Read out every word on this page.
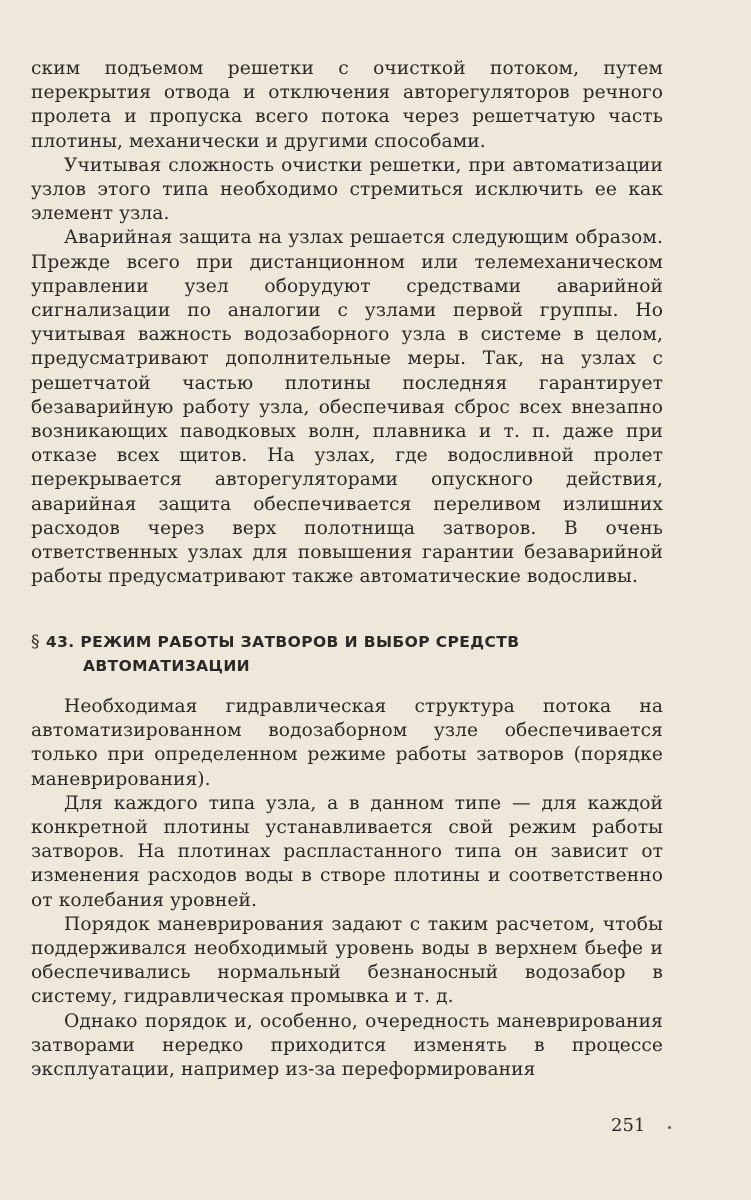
ским подъемом решетки с очисткой потоком, путем перекрытия отвода и отключения авторегуляторов речного пролета и пропуска всего потока через решетчатую часть плотины, механически и другими способами.

Учитывая сложность очистки решетки, при автоматизации узлов этого типа необходимо стремиться исключить ее как элемент узла.

Аварийная защита на узлах решается следующим образом. Прежде всего при дистанционном или телемеханическом управлении узел оборудуют средствами аварийной сигнализации по аналогии с узлами первой группы. Но учитывая важность водозаборного узла в системе в целом, предусматривают дополнительные меры. Так, на узлах с решетчатой частью плотины последняя гарантирует безаварийную работу узла, обеспечивая сброс всех внезапно возникающих паводковых волн, плавника и т. п. даже при отказе всех щитов. На узлах, где водосливной пролет перекрывается авторегуляторами опускного действия, аварийная защита обеспечивается переливом излишних расходов через верх полотнища затворов. В очень ответственных узлах для повышения гарантии безаварийной работы предусматривают также автоматические водосливы.

§ 43. РЕЖИМ РАБОТЫ ЗАТВОРОВ И ВЫБОР СРЕДСТВ
АВТОМАТИЗАЦИИ

Необходимая гидравлическая структура потока на автоматизированном водозаборном узле обеспечивается только при определенном режиме работы затворов (порядке маневрирования).

Для каждого типа узла, а в данном типе — для каждой конкретной плотины устанавливается свой режим работы затворов. На плотинах распластанного типа он зависит от изменения расходов воды в створе плотины и соответственно от колебания уровней.

Порядок маневрирования задают с таким расчетом, чтобы поддерживался необходимый уровень воды в верхнем бьефе и обеспечивались нормальный безнаносный водозабор в систему, гидравлическая промывка и т. д.

Однако порядок и, особенно, очередность маневрирования затворами нередко приходится изменять в процессе эксплуатации, например из-за переформирования

251
